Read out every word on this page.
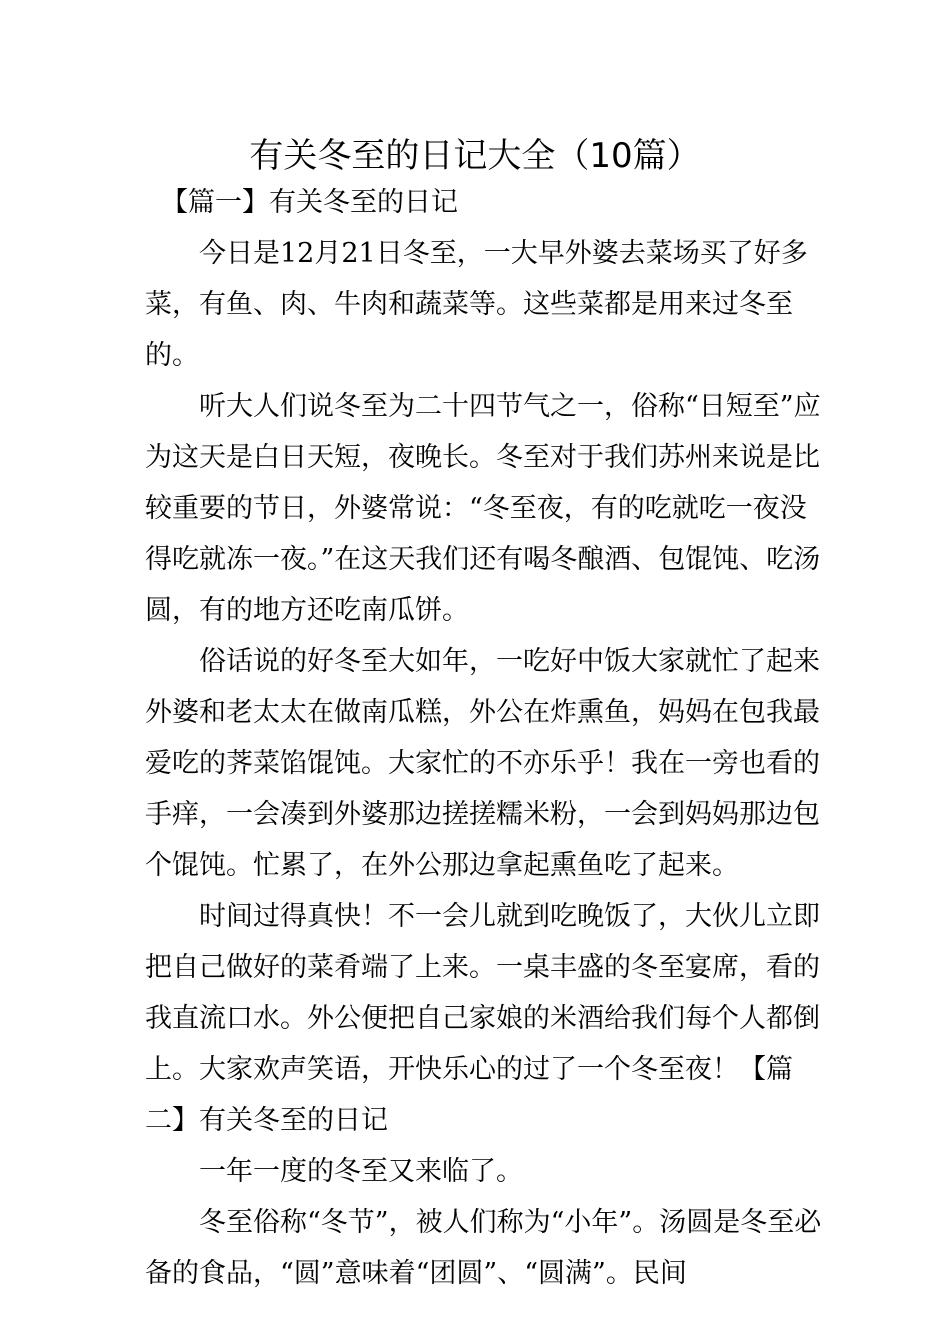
有关冬至的日记大全（10篇）

【篇一】有关冬至的日记

今日是12月21日冬至，一大早外婆去菜场买了好多菜，有鱼、肉、牛肉和蔬菜等。这些菜都是用来过冬至的。

听大人们说冬至为二十四节气之一，俗称“日短至”应为这天是白日天短，夜晚长。冬至对于我们苏州来说是比较重要的节日，外婆常说：“冬至夜，有的吃就吃一夜没得吃就冻一夜。”在这天我们还有喝冬酿酒、包馄饨、吃汤圆，有的地方还吃南瓜饼。

俗话说的好冬至大如年，一吃好中饭大家就忙了起来外婆和老太太在做南瓜糕，外公在炸熏鱼，妈妈在包我最爱吃的荠菜馅馄饨。大家忙的不亦乐乎！我在一旁也看的手痒，一会凑到外婆那边搓搓糯米粉，一会到妈妈那边包个馄饨。忙累了，在外公那边拿起熏鱼吃了起来。

时间过得真快！不一会儿就到吃晚饭了，大伙儿立即把自己做好的菜肴端了上来。一桌丰盛的冬至宴席，看的我直流口水。外公便把自己家娘的米酒给我们每个人都倒上。大家欢声笑语，开快乐心的过了一个冬至夜！【篇二】有关冬至的日记

一年一度的冬至又来临了。

冬至俗称“冬节”，被人们称为“小年”。汤圆是冬至必备的食品，“圆”意味着“团圆”、“圆满”。民间
